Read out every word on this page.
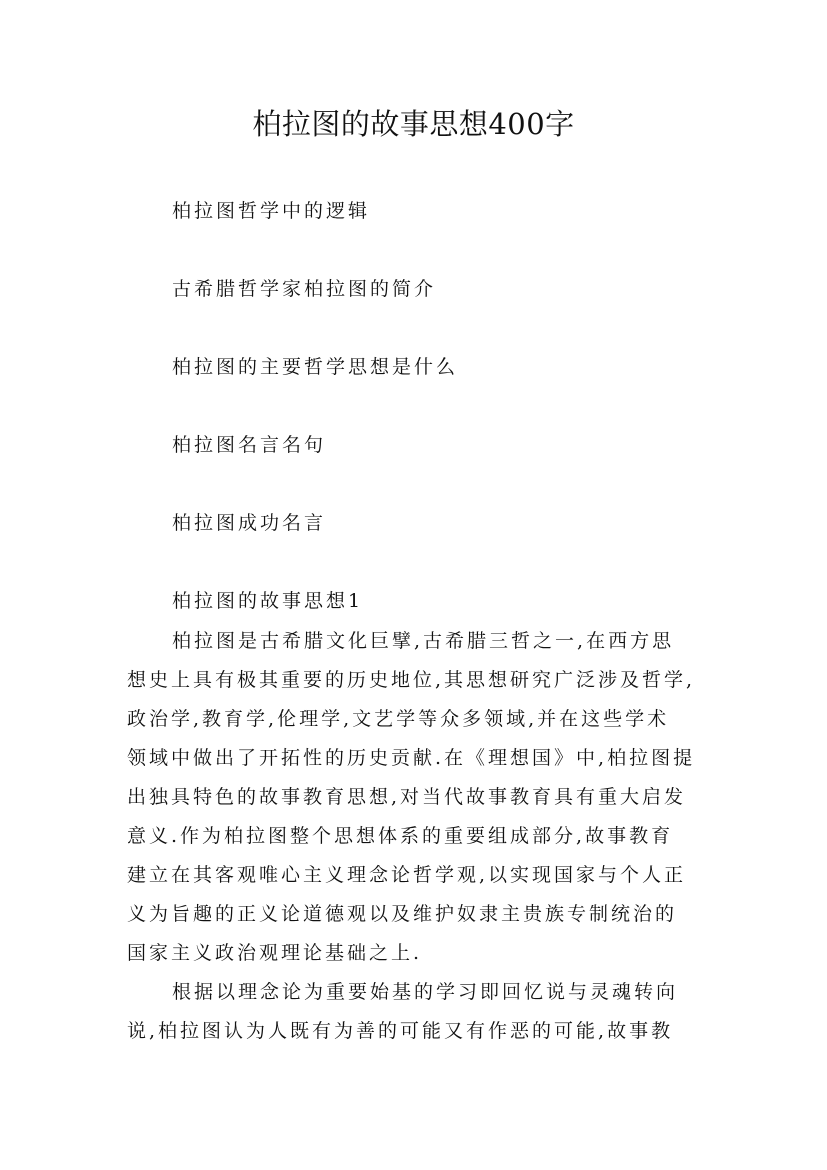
柏拉图的故事思想400字

柏拉图哲学中的逻辑

古希腊哲学家柏拉图的简介

柏拉图的主要哲学思想是什么

柏拉图名言名句

柏拉图成功名言

柏拉图的故事思想1

柏拉图是古希腊文化巨擘,古希腊三哲之一,在西方思
想史上具有极其重要的历史地位,其思想研究广泛涉及哲学,
政治学,教育学,伦理学,文艺学等众多领域,并在这些学术
领域中做出了开拓性的历史贡献.在《理想国》中,柏拉图提
出独具特色的故事教育思想,对当代故事教育具有重大启发
意义.作为柏拉图整个思想体系的重要组成部分,故事教育
建立在其客观唯心主义理念论哲学观,以实现国家与个人正
义为旨趣的正义论道德观以及维护奴隶主贵族专制统治的
国家主义政治观理论基础之上.
根据以理念论为重要始基的学习即回忆说与灵魂转向
说,柏拉图认为人既有为善的可能又有作恶的可能,故事教
